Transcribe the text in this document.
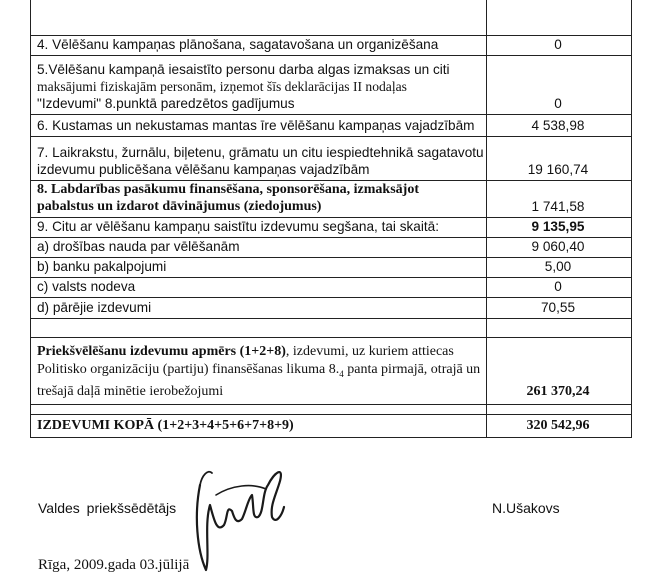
4. Vēlēšanu kampaņas plānošana, sagatavošana un organizēšana	0
5.Vēlēšanu kampaņā iesaistīto personu darba algas izmaksas un citi
maksājumi fiziskajām personām, izņemot šīs deklarācijas II nodaļas
"Izdevumi" 8.punktā paredzētos gadījumus	0
6. Kustamas un nekustamas mantas īre vēlēšanu kampaņas vajadzībām	4 538,98
7. Laikrakstu, žurnālu, biļetenu, grāmatu un citu iespiedtehnikā sagatavotu
izdevumu publicēšana vēlēšanu kampaņas vajadzībām	19 160,74
8. Labdarības pasākumu finansēšana, sponsorēšana, izmaksājot
pabalstus un izdarot dāvinājumus (ziedojumus)	1 741,58
9. Citu ar vēlēšanu kampaņu saistītu izdevumu segšana, tai skaitā:	9 135,95
a) drošības nauda par vēlēšanām	9 060,40
b) banku pakalpojumi	5,00
c) valsts nodeva	0
d) pārējie izdevumi	70,55
Priekšvēlēšanu izdevumu apmērs (1+2+8), izdevumi, uz kuriem attiecas
Politisko organizāciju (partiju) finansēšanas likuma $8._4$ panta pirmajā, otrajā un
trešajā daļā minētie ierobežojumi	261 370,24
IZDEVUMI KOPĀ (1+2+3+4+5+6+7+8+9)	320 542,96
Valdes priekšsēdētājs	N.Ušakovs
Rīga, 2009.gada 03.jūlijā
